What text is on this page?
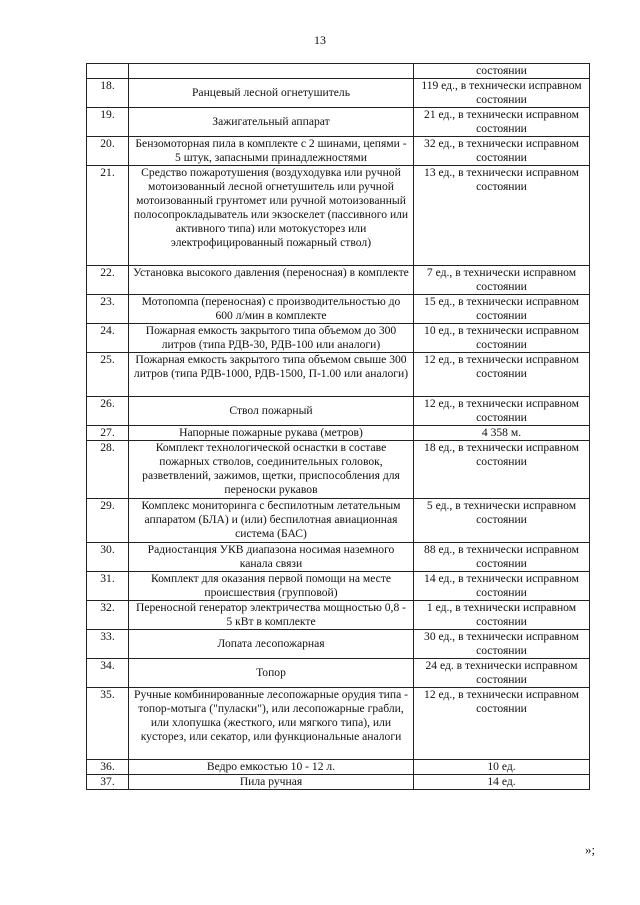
13
		состоянии
18.	Ранцевый лесной огнетушитель	119 ед., в технически исправном состоянии
19.	Зажигательный аппарат	21 ед., в технически исправном состоянии
20.	Бензомоторная пила в комплекте с 2 шинами, цепями - 5 штук, запасными принадлежностями	32 ед., в технически исправном состоянии
21.	Средство пожаротушения (воздуходувка или ручной мотоизованный лесной огнетушитель или ручной мотоизованный грунтомет или ручной мотоизованный полосопрокладыватель или экзоскелет (пассивного или активного типа) или мотокусторез или электрофицированный пожарный ствол)	13 ед., в технически исправном состоянии
22.	Установка высокого давления (переносная) в комплекте	7 ед., в технически исправном состоянии
23.	Мотопомпа (переносная) с производительностью до 600 л/мин в комплекте	15 ед., в технически исправном состоянии
24.	Пожарная емкость закрытого типа объемом до 300 литров (типа РДВ-30, РДВ-100 или аналоги)	10 ед., в технически исправном состоянии
25.	Пожарная емкость закрытого типа объемом свыше 300 литров (типа РДВ-1000, РДВ-1500, П-1.00 или аналоги)	12 ед., в технически исправном состоянии
26.	Ствол пожарный	12 ед., в технически исправном состоянии
27.	Напорные пожарные рукава (метров)	4 358 м.
28.	Комплект технологической оснастки в составе пожарных стволов, соединительных головок, разветвлений, зажимов, щетки, приспособления для переноски рукавов	18 ед., в технически исправном состоянии
29.	Комплекс мониторинга с беспилотным летательным аппаратом (БЛА) и (или) беспилотная авиационная система (БАС)	5 ед., в технически исправном состоянии
30.	Радиостанция УКВ диапазона носимая наземного канала связи	88 ед., в технически исправном состоянии
31.	Комплект для оказания первой помощи на месте происшествия (групповой)	14 ед., в технически исправном состоянии
32.	Переносной генератор электричества мощностью 0,8 - 5 кВт в комплекте	1 ед., в технически исправном состоянии
33.	Лопата лесопожарная	30 ед., в технически исправном состоянии
34.	Топор	24 ед. в технически исправном состоянии
35.	Ручные комбинированные лесопожарные орудия типа - топор-мотыга ("пуласки"), или лесопожарные грабли, или хлопушка (жесткого, или мягкого типа), или кусторез, или секатор, или функциональные аналоги	12 ед., в технически исправном состоянии
36.	Ведро емкостью 10 - 12 л.	10 ед.
37.	Пила ручная	14 ед.
»;
